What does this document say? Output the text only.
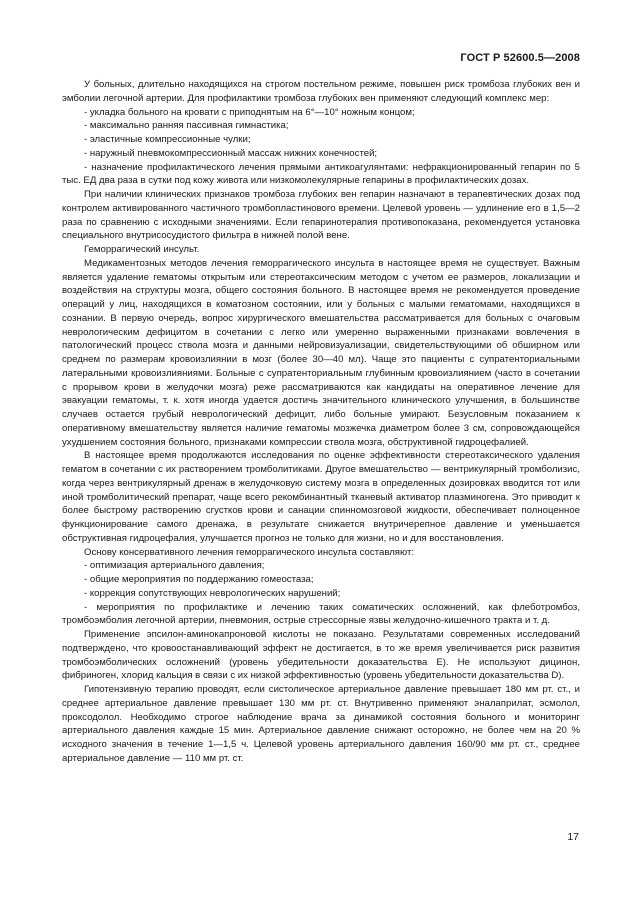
ГОСТ Р 52600.5—2008

У больных, длительно находящихся на строгом постельном режиме, повышен риск тромбоза глубоких вен и эмболии легочной артерии. Для профилактики тромбоза глубоких вен применяют следующий комплекс мер:

- укладка больного на кровати с приподнятым на 6°—10° ножным концом;

- максимально ранняя пассивная гимнастика;

- эластичные компрессионные чулки;

- наружный пневмокомпрессионный массаж нижних конечностей;

- назначение профилактического лечения прямыми антикоагулянтами: нефракционированный гепарин по 5 тыс. ЕД два раза в сутки под кожу живота или низкомолекулярные гепарины в профилактических дозах.

При наличии клинических признаков тромбоза глубоких вен гепарин назначают в терапевтических дозах под контролем активированного частичного тромбопластинового времени. Целевой уровень — удлинение его в 1,5—2 раза по сравнению с исходными значениями. Если гепаринотерапия противопоказана, рекомендуется установка специального внутрисосудистого фильтра в нижней полой вене.

Геморрагический инсульт.

Медикаментозных методов лечения геморрагического инсульта в настоящее время не существует. Важным является удаление гематомы открытым или стереотаксическим методом с учетом ее размеров, локализации и воздействия на структуры мозга, общего состояния больного. В настоящее время не рекомендуется проведение операций у лиц, находящихся в коматозном состоянии, или у больных с малыми гематомами, находящихся в сознании. В первую очередь, вопрос хирургического вмешательства рассматривается для больных с очаговым неврологическим дефицитом в сочетании с легко или умеренно выраженными признаками вовлечения в патологический процесс ствола мозга и данными нейровизуализации, свидетельствующими об обширном или среднем по размерам кровоизлиянии в мозг (более 30—40 мл). Чаще это пациенты с супратенториальными латеральными кровоизлияниями. Больные с супратенториальным глубинным кровоизлиянием (часто в сочетании с прорывом крови в желудочки мозга) реже рассматриваются как кандидаты на оперативное лечение для эвакуации гематомы, т. к. хотя иногда удается достичь значительного клинического улучшения, в большинстве случаев остается грубый неврологический дефицит, либо больные умирают. Безусловным показанием к оперативному вмешательству является наличие гематомы мозжечка диаметром более 3 см, сопровождающейся ухудшением состояния больного, признаками компрессии ствола мозга, обструктивной гидроцефалией.

В настоящее время продолжаются исследования по оценке эффективности стереотаксического удаления гематом в сочетании с их растворением тромболитиками. Другое вмешательство — вентрикулярный тромболизис, когда через вентрикулярный дренаж в желудочковую систему мозга в определенных дозировках вводится тот или иной тромболитический препарат, чаще всего рекомбинантный тканевый активатор плазминогена. Это приводит к более быстрому растворению сгустков крови и санации спинномозговой жидкости, обеспечивает полноценное функционирование самого дренажа, в результате снижается внутричерепное давление и уменьшается обструктивная гидроцефалия, улучшается прогноз не только для жизни, но и для восстановления.

Основу консервативного лечения геморрагического инсульта составляют:

- оптимизация артериального давления;

- общие мероприятия по поддержанию гомеостаза;

- коррекция сопутствующих неврологических нарушений;

- мероприятия по профилактике и лечению таких соматических осложнений, как флеботромбоз, тромбоэмболия легочной артерии, пневмония, острые стрессорные язвы желудочно-кишечного тракта и т. д.

Применение эпсилон-аминокапроновой кислоты не показано. Результатами современных исследований подтверждено, что кровоостанавливающий эффект не достигается, в то же время увеличивается риск развития тромбоэмболических осложнений (уровень убедительности доказательства Е). Не используют дицинон, фибриноген, хлорид кальция в связи с их низкой эффективностью (уровень убедительности доказательства D).

Гипотензивную терапию проводят, если систолическое артериальное давление превышает 180 мм рт. ст., и среднее артериальное давление превышает 130 мм рт. ст. Внутривенно применяют эналаприлат, эсмолол, проксодолол. Необходимо строгое наблюдение врача за динамикой состояния больного и мониторинг артериального давления каждые 15 мин. Артериальное давление снижают осторожно, не более чем на 20 % исходного значения в течение 1—1,5 ч. Целевой уровень артериального давления 160/90 мм рт. ст., среднее артериальное давление — 110 мм рт. ст.

17
